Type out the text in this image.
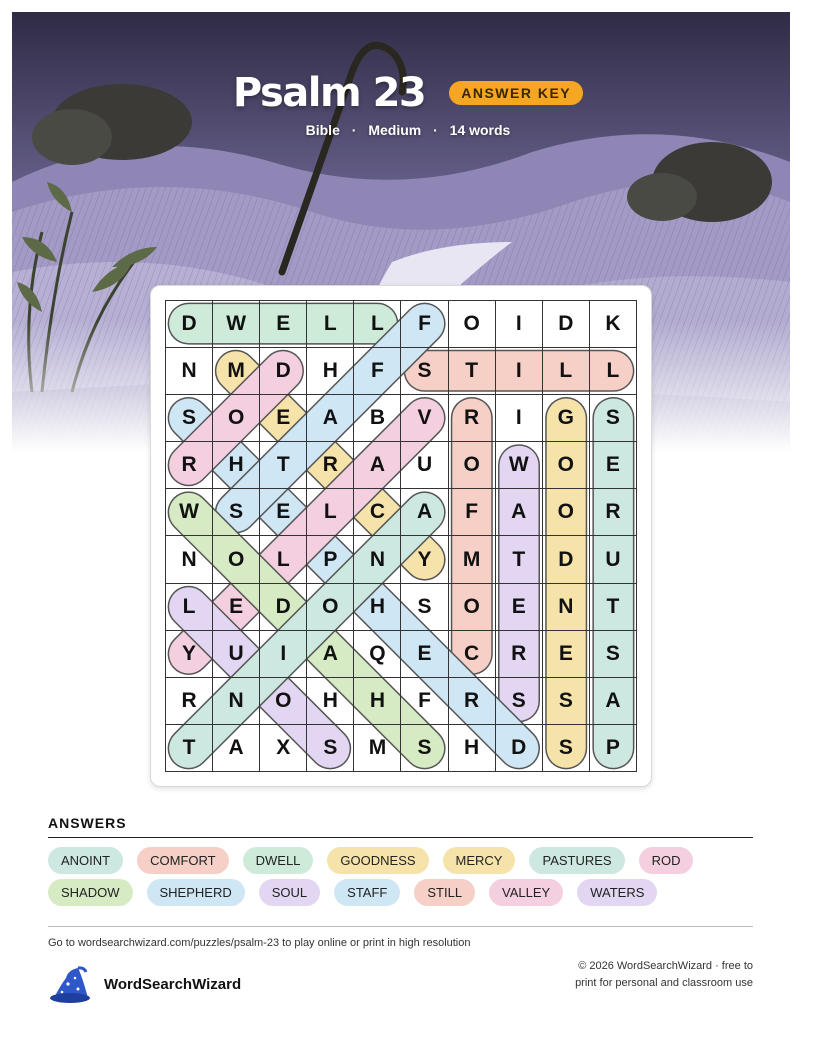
Psalm 23	ANSWER KEY
Bible · Medium · 14 words
D	W	E	L	L	F	O	I	D	K
N	M	D	H	F	S	T	I	L	L
S	O	E	A	B	V	R	I	G	S
R	H	T	R	A	U	O	W	O	E
W	S	E	L	C	A	F	A	O	R
N	O	L	P	N	Y	M	T	D	U
L	E	D	O	H	S	O	E	N	T
Y	U	I	A	Q	E	C	R	E	S
R	N	O	H	H	F	R	S	S	A
T	A	X	S	M	S	H	D	S	P
ANSWERS
ANOINT	COMFORT	DWELL	GOODNESS	MERCY	PASTURES	ROD
SHADOW	SHEPHERD	SOUL	STAFF	STILL	VALLEY	WATERS
Go to wordsearchwizard.com/puzzles/psalm-23 to play online or print in high resolution
WordSearchWizard
© 2026 WordSearchWizard · free to print for personal and classroom use
